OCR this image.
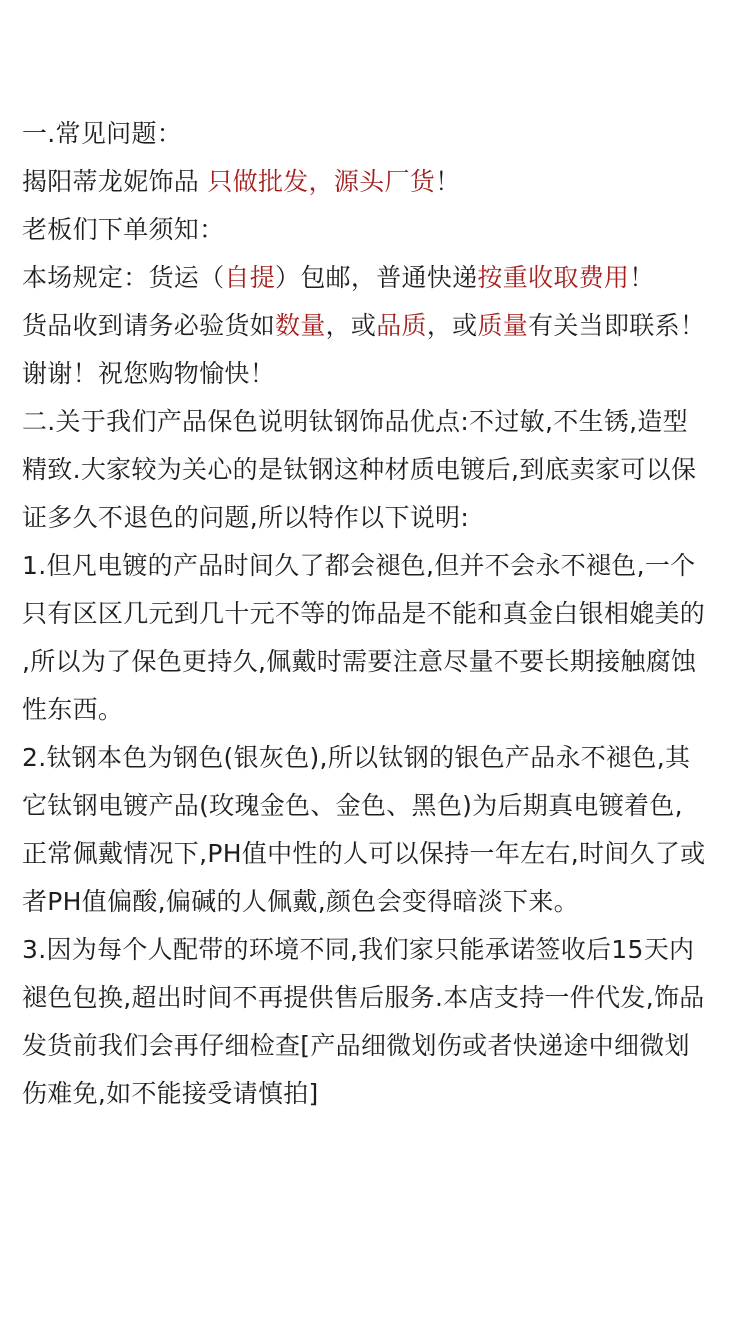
一.常见问题：
揭阳蒂龙妮饰品 只做批发，源头厂货！
老板们下单须知：
本场规定：货运（自提）包邮，普通快递按重收取费用！
货品收到请务必验货如数量，或品质，或质量有关当即联系！
谢谢！祝您购物愉快！
二.关于我们产品保色说明钛钢饰品优点:不过敏,不生锈,造型
精致.大家较为关心的是钛钢这种材质电镀后,到底卖家可以保
证多久不退色的问题,所以特作以下说明:
1.但凡电镀的产品时间久了都会褪色,但并不会永不褪色,一个
只有区区几元到几十元不等的饰品是不能和真金白银相媲美的
,所以为了保色更持久,佩戴时需要注意尽量不要长期接触腐蚀
性东西。
2.钛钢本色为钢色(银灰色),所以钛钢的银色产品永不褪色,其
它钛钢电镀产品(玫瑰金色、金色、黑色)为后期真电镀着色,
正常佩戴情况下,PH值中性的人可以保持一年左右,时间久了或
者PH值偏酸,偏碱的人佩戴,颜色会变得暗淡下来。
3.因为每个人配带的环境不同,我们家只能承诺签收后15天内
褪色包换,超出时间不再提供售后服务.本店支持一件代发,饰品
发货前我们会再仔细检查[产品细微划伤或者快递途中细微划
伤难免,如不能接受请慎拍]
